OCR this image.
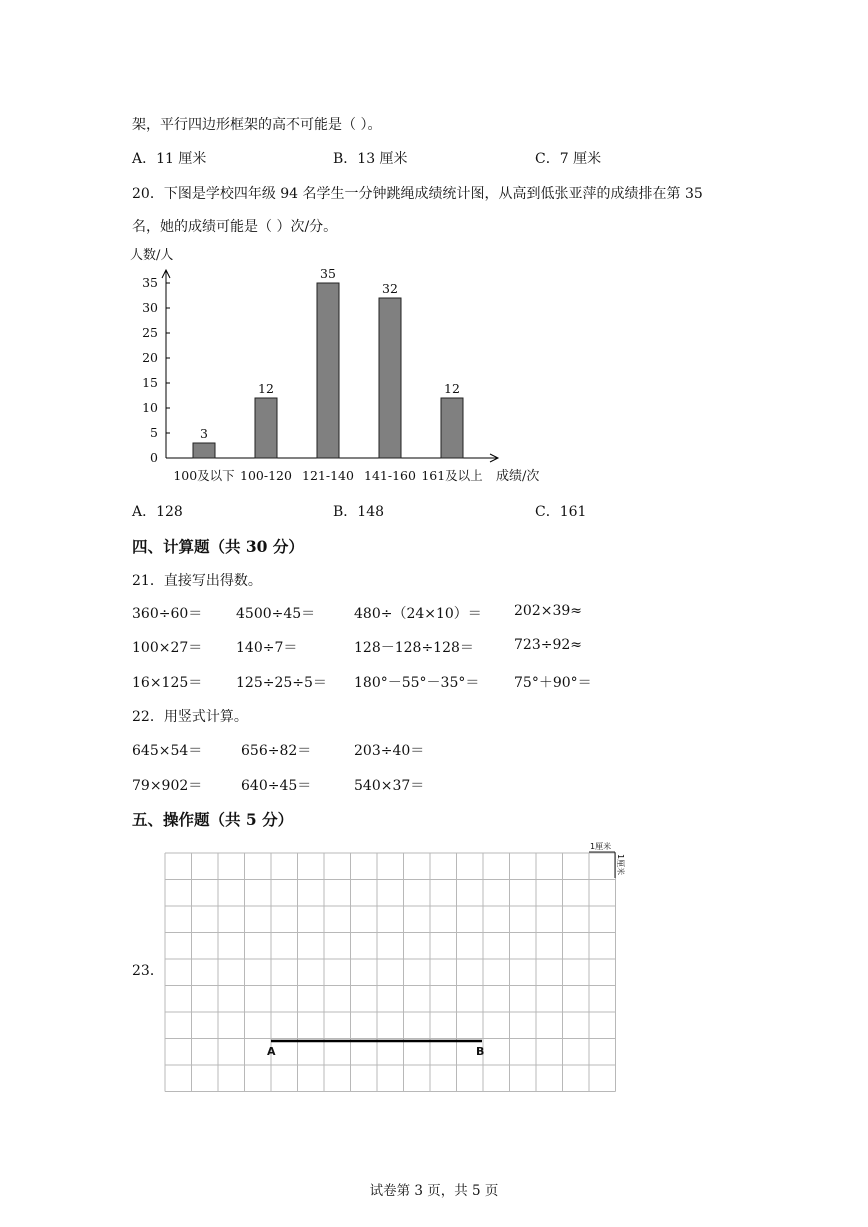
架，平行四边形框架的高不可能是（ ）。
A．11 厘米	B．13 厘米	C．7 厘米
20．下图是学校四年级 94 名学生一分钟跳绳成绩统计图，从高到低张亚萍的成绩排在第 35
名，她的成绩可能是（ ）次/分。
人数/人
0
5
10
15
20
25
30
35
100及以下 100-120 121-140 141-160 161及以上
3
12
35
32
12
成绩/次
A．128	B．148	C．161
四、计算题（共 30 分）
21．直接写出得数。
360÷60＝ 4500÷45＝	480÷（24×10）＝ 202×39≈
100×27＝ 140÷7＝	128－128÷128＝	723÷92≈
16×125＝ 125÷25÷5＝ 180°－55°－35°＝ 75°＋90°＝
22．用竖式计算。
645×54＝	656÷82＝	203÷40＝
79×902＝	640÷45＝	540×37＝
五、操作题（共 5 分）
23．
1厘米
1厘米
A	B
试卷第 3 页，共 5 页
